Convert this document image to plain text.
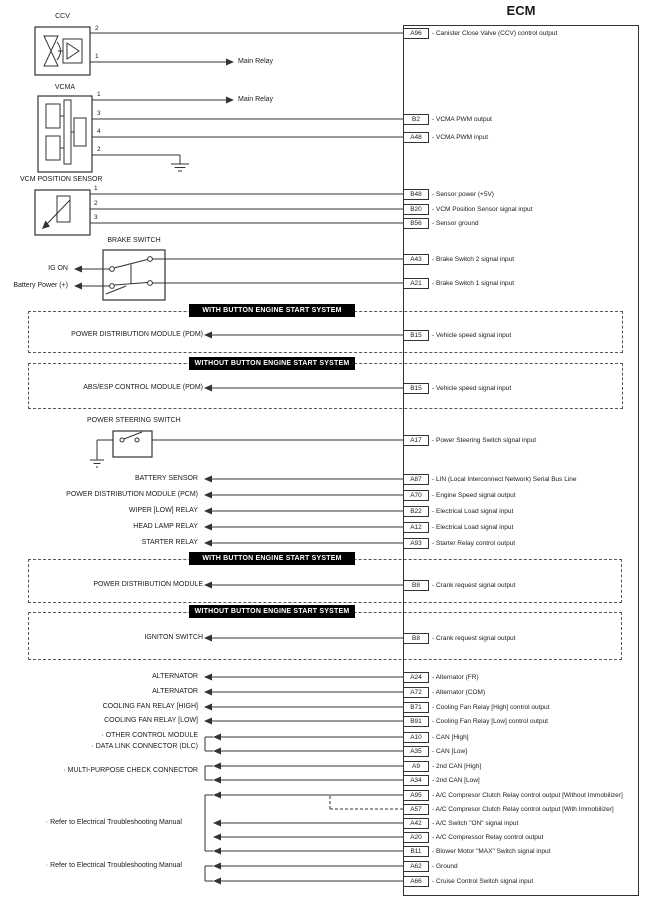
ECM
WITH BUTTON ENGINE START SYSTEM
WITHOUT BUTTON ENGINE START SYSTEM
WITH BUTTON ENGINE START SYSTEM
WITHOUT BUTTON ENGINE START SYSTEM
CCV
VCMA
VCM POSITION SENSOR
BRAKE SWITCH
POWER STEERING SWITCH
2
1
1
3
4
2
1
2
3
Main Relay
Main Relay
IG ON
Battery Power (+)
POWER DISTRIBUTION MODULE (PDM)
ABS/ESP CONTROL MODULE (PDM)
BATTERY SENSOR
POWER DISTRIBUTION MODULE (PCM)
WIPER [LOW] RELAY
HEAD LAMP RELAY
STARTER RELAY
POWER DISTRIBUTION MODULE
IGNITON SWITCH
ALTERNATOR
ALTERNATOR
COOLING FAN RELAY [HIGH]
COOLING FAN RELAY [LOW]
· OTHER CONTROL MODULE
· DATA LINK CONNECTOR (DLC)
· MULTI-PURPOSE CHECK CONNECTOR
· Refer to Electrical Troubleshooting Manual
· Refer to Electrical Troubleshooting Manual
A96	- Canister Close Valve (CCV) control output
B2	- VCMA PWM output
A48	- VCMA PWM input
B48	- Sensor power (+5V)
B20	- VCM Position Sensor signal input
B56	- Sensor ground
A43	- Brake Switch 2 signal input
A21	- Brake Switch 1 signal input
B15	- Vehicle speed signal input
B15	- Vehicle speed signal input
A17	- Power Steering Switch signal input
A87	- LIN (Local Interconnect Network) Serial Bus Line
A70	- Engine Speed signal output
B22	- Electrical Load signal input
A12	- Electrical Load signal input
A93	- Starter Relay control output
B8	- Crank request signal output
B8	- Crank request signal output
A24	- Alternator (FR)
A72	- Alternator (COM)
B71	- Cooling Fan Relay [High] control output
B91	- Cooling Fan Relay [Low] control output
A10	- CAN [High]
A35	- CAN [Low]
A9	- 2nd CAN [High]
A34	- 2nd CAN [Low]
A95	- A/C Compresor Clutch Relay control output [Without Immobilizer]
A57	- A/C Compresor Clutch Relay control output [With Immobilizer]
A42	- A/C Switch "ON" signal input
A20	- A/C Compressor Relay control output
B11	- Blower Motor "MAX" Switch signal input
A62	- Ground
A66	- Cruise Control Switch signal input
